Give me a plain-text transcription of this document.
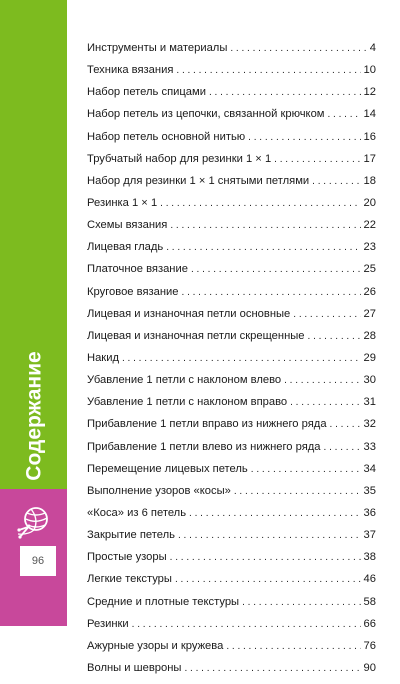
Содержание
96
Инструменты и материалы . . .	4
Техника вязания . . .	10
Набор петель спицами . . .	12
Набор петель из цепочки, связанной крючком . . .	14
Набор петель основной нитью . . .	16
Трубчатый набор для резинки 1 × 1 . . .	17
Набор для резинки 1 × 1 снятыми петлями . . .	18
Резинка 1 × 1 . . .	20
Схемы вязания . . .	22
Лицевая гладь . . .	23
Платочное вязание . . .	25
Круговое вязание . . .	26
Лицевая и изнаночная петли основные . . .	27
Лицевая и изнаночная петли скрещенные . . .	28
Накид . . .	29
Убавление 1 петли с наклоном влево . . .	30
Убавление 1 петли с наклоном вправо . . .	31
Прибавление 1 петли вправо из нижнего ряда . . .	32
Прибавление 1 петли влево из нижнего ряда . . .	33
Перемещение лицевых петель . . .	34
Выполнение узоров «косы» . . .	35
«Коса» из 6 петель . . .	36
Закрытие петель . . .	37
Простые узоры . . .	38
Легкие текстуры . . .	46
Средние и плотные текстуры . . .	58
Резинки . . .	66
Ажурные узоры и кружева . . .	76
Волны и шевроны . . .	90
